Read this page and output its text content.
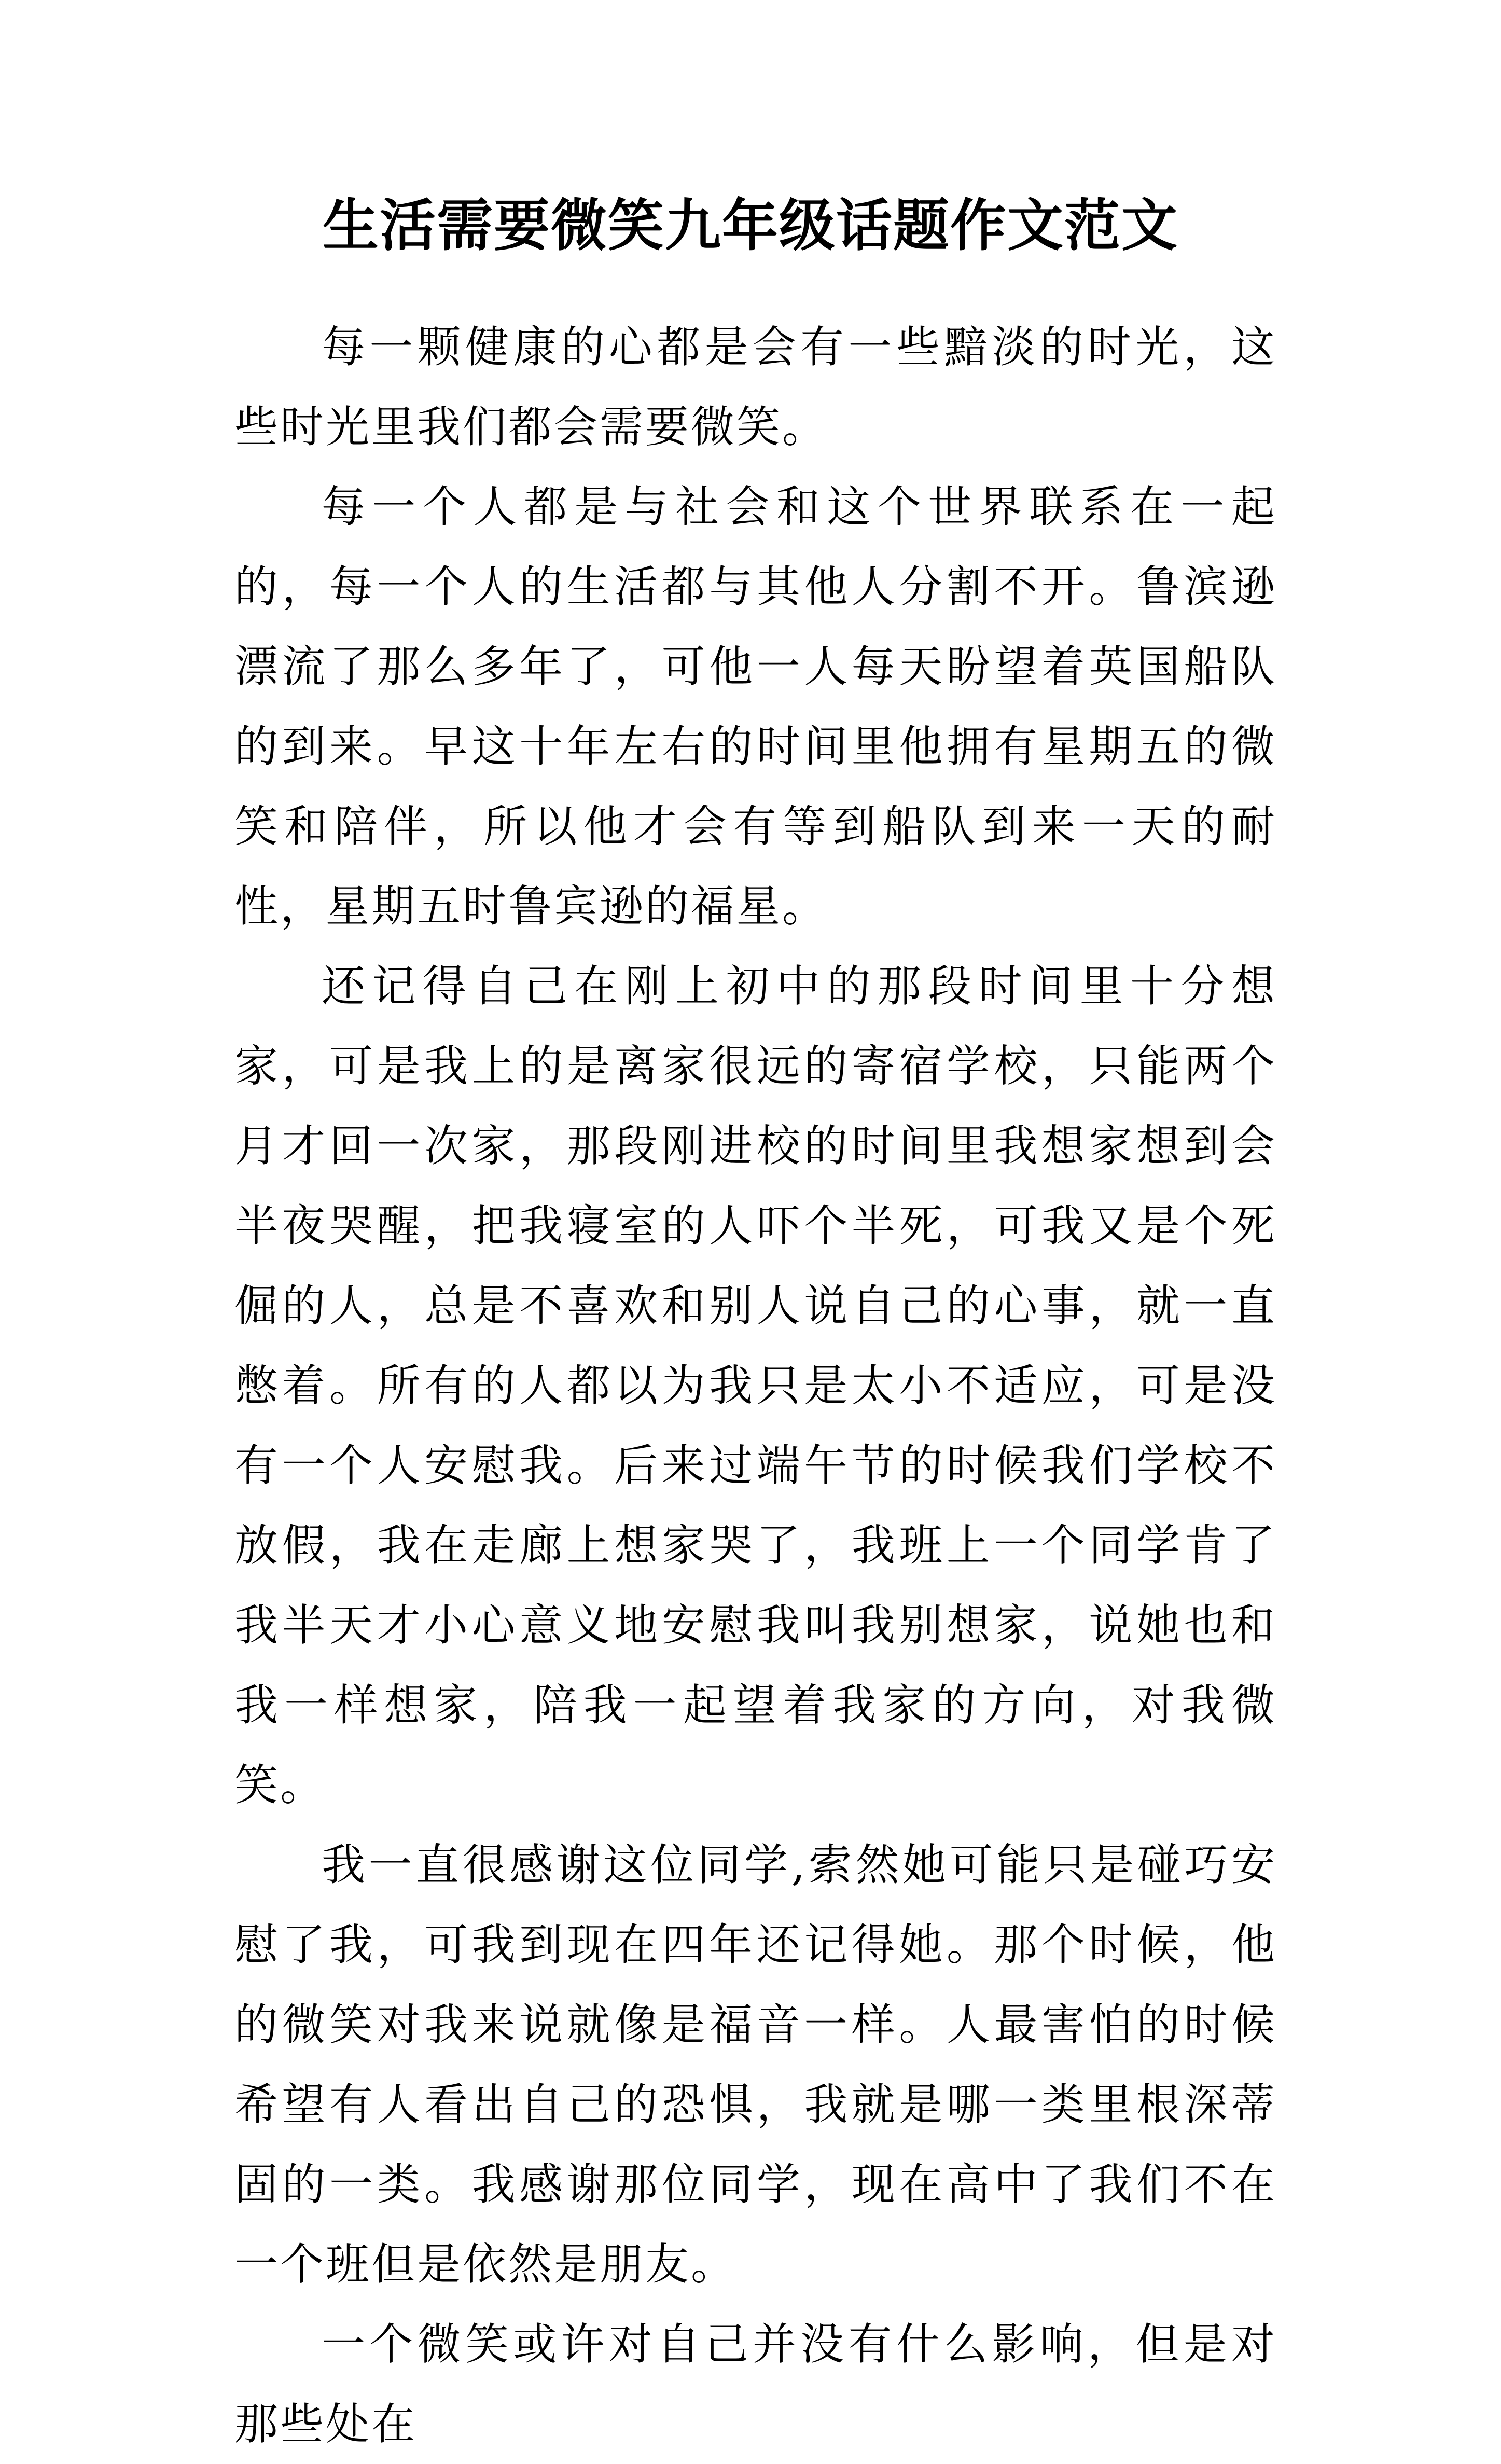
生活需要微笑九年级话题作文范文

每一颗健康的心都是会有一些黯淡的时光，这些时光里我们都会需要微笑。

每一个人都是与社会和这个世界联系在一起的，每一个人的生活都与其他人分割不开。鲁滨逊漂流了那么多年了，可他一人每天盼望着英国船队的到来。早这十年左右的时间里他拥有星期五的微笑和陪伴，所以他才会有等到船队到来一天的耐性，星期五时鲁宾逊的福星。

还记得自己在刚上初中的那段时间里十分想家，可是我上的是离家很远的寄宿学校，只能两个月才回一次家，那段刚进校的时间里我想家想到会半夜哭醒，把我寝室的人吓个半死，可我又是个死倔的人，总是不喜欢和别人说自己的心事，就一直憋着。所有的人都以为我只是太小不适应，可是没有一个人安慰我。后来过端午节的时候我们学校不放假，我在走廊上想家哭了，我班上一个同学肯了我半天才小心意义地安慰我叫我别想家，说她也和我一样想家，陪我一起望着我家的方向，对我微笑。

我一直很感谢这位同学,索然她可能只是碰巧安慰了我，可我到现在四年还记得她。那个时候，他的微笑对我来说就像是福音一样。人最害怕的时候希望有人看出自己的恐惧，我就是哪一类里根深蒂固的一类。我感谢那位同学，现在高中了我们不在一个班但是依然是朋友。

一个微笑或许对自己并没有什么影响，但是对那些处在
